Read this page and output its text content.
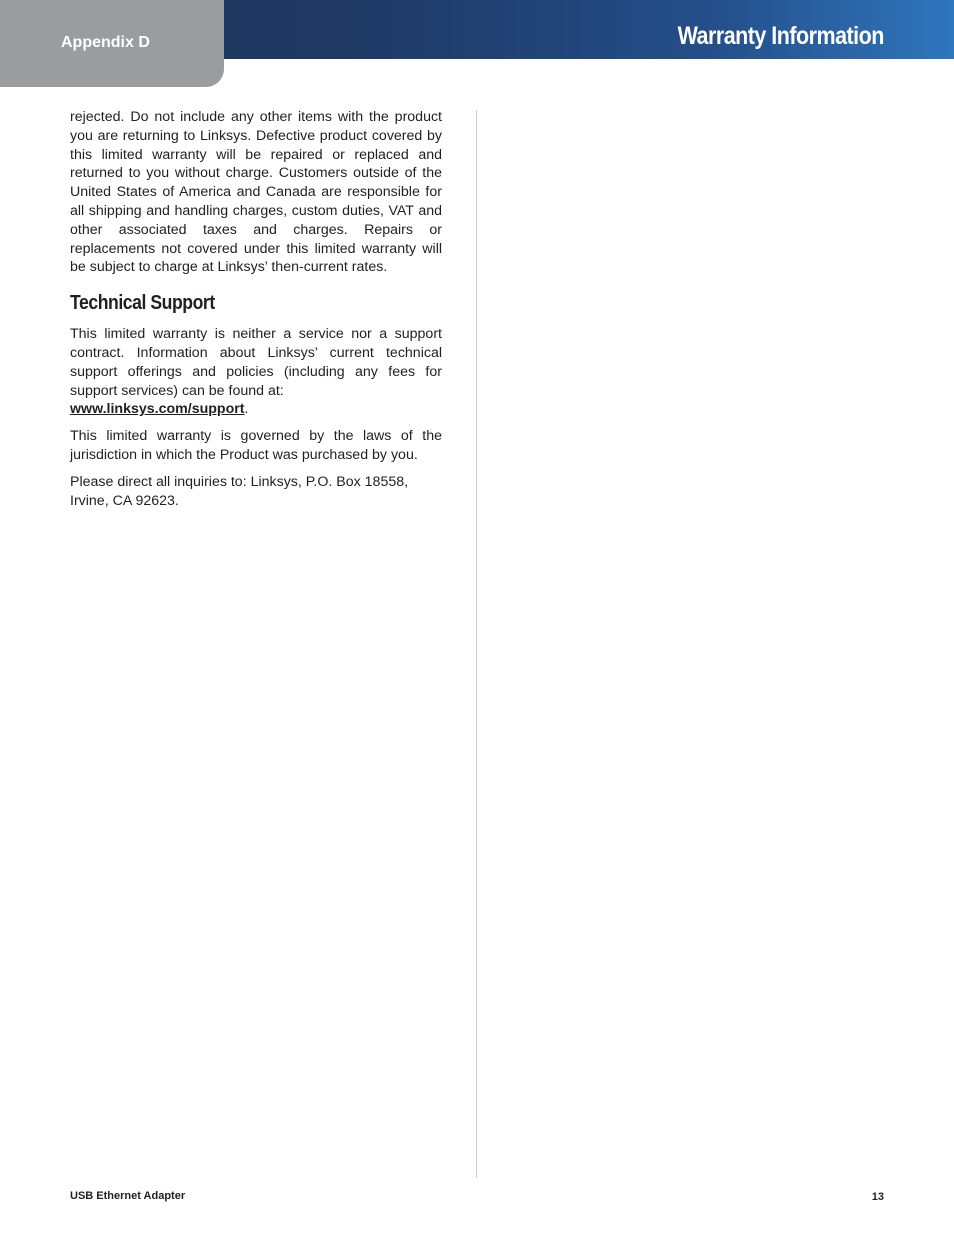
Appendix D	Warranty Information

rejected. Do not include any other items with the product you are returning to Linksys. Defective product covered by this limited warranty will be repaired or replaced and returned to you without charge. Customers outside of the United States of America and Canada are responsible for all shipping and handling charges, custom duties, VAT and other associated taxes and charges. Repairs or replacements not covered under this limited warranty will be subject to charge at Linksys’ then-current rates.

Technical Support

This limited warranty is neither a service nor a support contract. Information about Linksys’ current technical support offerings and policies (including any fees for support services) can be found at:

www.linksys.com/support.

This limited warranty is governed by the laws of the jurisdiction in which the Product was purchased by you.

Please direct all inquiries to: Linksys, P.O. Box 18558, Irvine, CA 92623.

USB Ethernet Adapter	13
